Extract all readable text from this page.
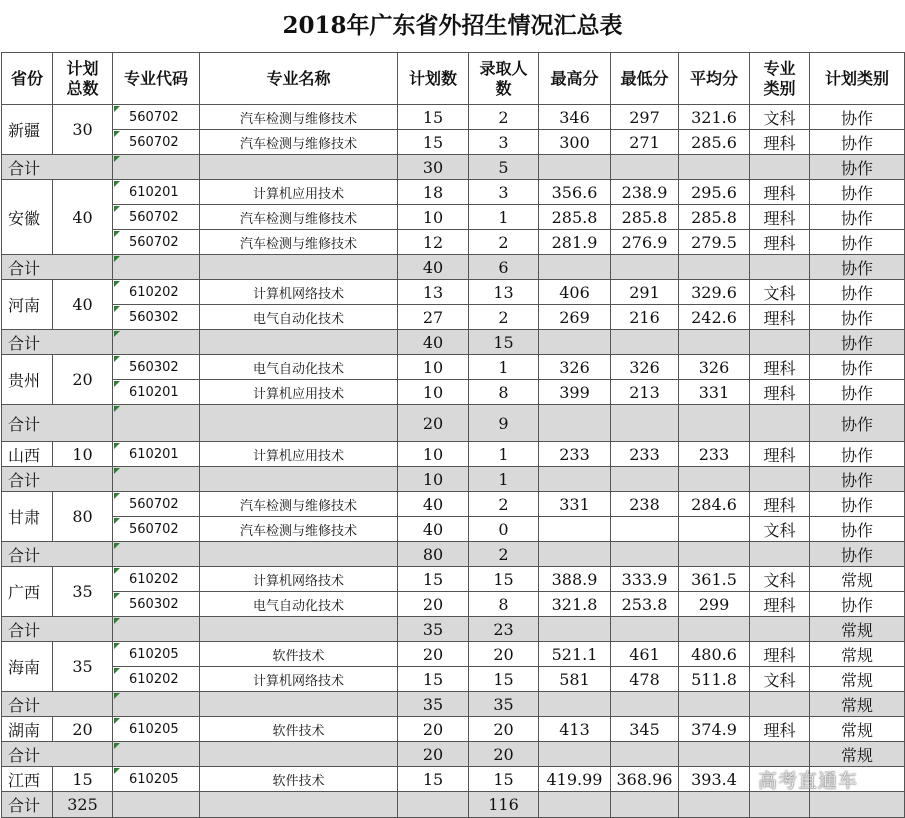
2018年广东省外招生情况汇总表
省份	计划总数	专业代码	专业名称	计划数	录取人数	最高分	最低分	平均分	专业类别	计划类别
新疆	30	560702	汽车检测与维修技术	15	2	346	297	321.6	文科	协作
		560702	汽车检测与维修技术	15	3	300	271	285.6	理科	协作
合计				30	5					协作
安徽	40	610201	计算机应用技术	18	3	356.6	238.9	295.6	理科	协作
		560702	汽车检测与维修技术	10	1	285.8	285.8	285.8	理科	协作
		560702	汽车检测与维修技术	12	2	281.9	276.9	279.5	理科	协作
合计				40	6					协作
河南	40	610202	计算机网络技术	13	13	406	291	329.6	文科	协作
		560302	电气自动化技术	27	2	269	216	242.6	理科	协作
合计				40	15					协作
贵州	20	560302	电气自动化技术	10	1	326	326	326	理科	协作
		610201	计算机应用技术	10	8	399	213	331	理科	协作
合计				20	9					协作
山西	10	610201	计算机应用技术	10	1	233	233	233	理科	协作
合计				10	1					协作
甘肃	80	560702	汽车检测与维修技术	40	2	331	238	284.6	理科	协作
		560702	汽车检测与维修技术	40	0				文科	协作
合计				80	2					协作
广西	35	610202	计算机网络技术	15	15	388.9	333.9	361.5	文科	常规
		560302	电气自动化技术	20	8	321.8	253.8	299	理科	协作
合计				35	23					常规
海南	35	610205	软件技术	20	20	521.1	461	480.6	理科	常规
		610202	计算机网络技术	15	15	581	478	511.8	文科	常规
合计				35	35					常规
湖南	20	610205	软件技术	20	20	413	345	374.9	理科	常规
合计				20	20					常规
江西	15	610205	软件技术	15	15	419.99	368.96	393.4		
合计	325				116					
高考直通车
